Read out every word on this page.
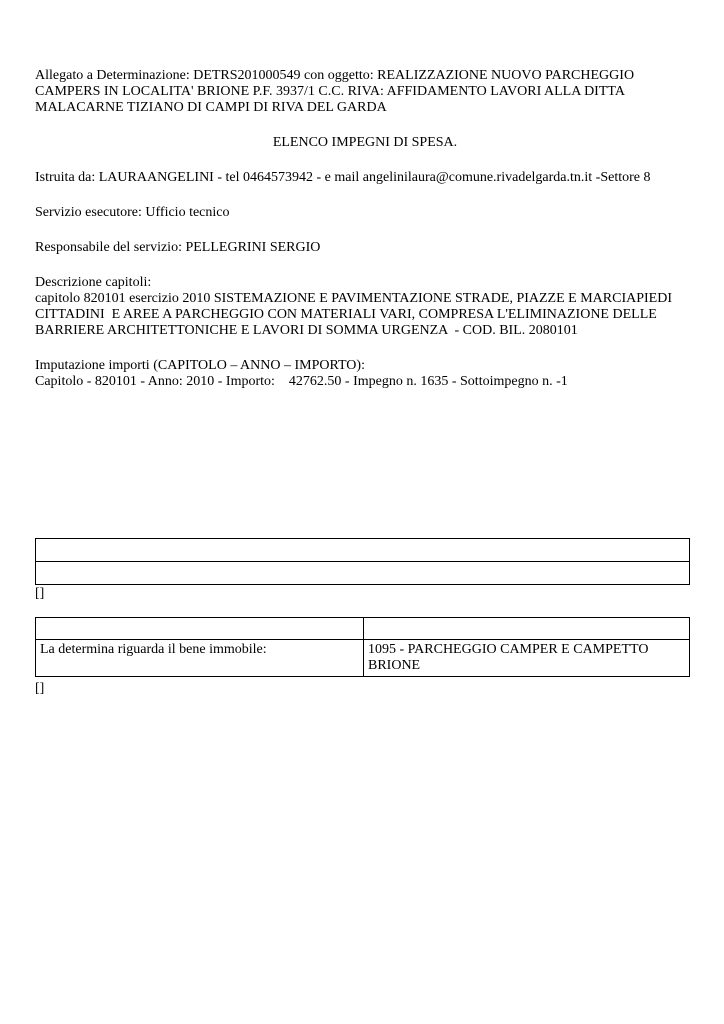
Allegato a Determinazione: DETRS201000549 con oggetto: REALIZZAZIONE NUOVO PARCHEGGIO
CAMPERS IN LOCALITA' BRIONE P.F. 3937/1 C.C. RIVA: AFFIDAMENTO LAVORI ALLA DITTA
MALACARNE TIZIANO DI CAMPI DI RIVA DEL GARDA
ELENCO IMPEGNI DI SPESA.
Istruita da: LAURAANGELINI - tel 0464573942 - e mail angelinilaura@comune.rivadelgarda.tn.it -Settore 8
Servizio esecutore: Ufficio tecnico
Responsabile del servizio: PELLEGRINI SERGIO
Descrizione capitoli:
capitolo 820101 esercizio 2010 SISTEMAZIONE E PAVIMENTAZIONE STRADE, PIAZZE E MARCIAPIEDI
CITTADINI  E AREE A PARCHEGGIO CON MATERIALI VARI, COMPRESA L'ELIMINAZIONE DELLE
BARRIERE ARCHITETTONICHE E LAVORI DI SOMMA URGENZA  - COD. BIL. 2080101
Imputazione importi (CAPITOLO – ANNO – IMPORTO):
Capitolo - 820101 - Anno: 2010 - Importo:    42762.50 - Impegno n. 1635 - Sottoimpegno n. -1

[]

La determina riguarda il bene immobile:	1095 - PARCHEGGIO CAMPER E CAMPETTO BRIONE
[]
